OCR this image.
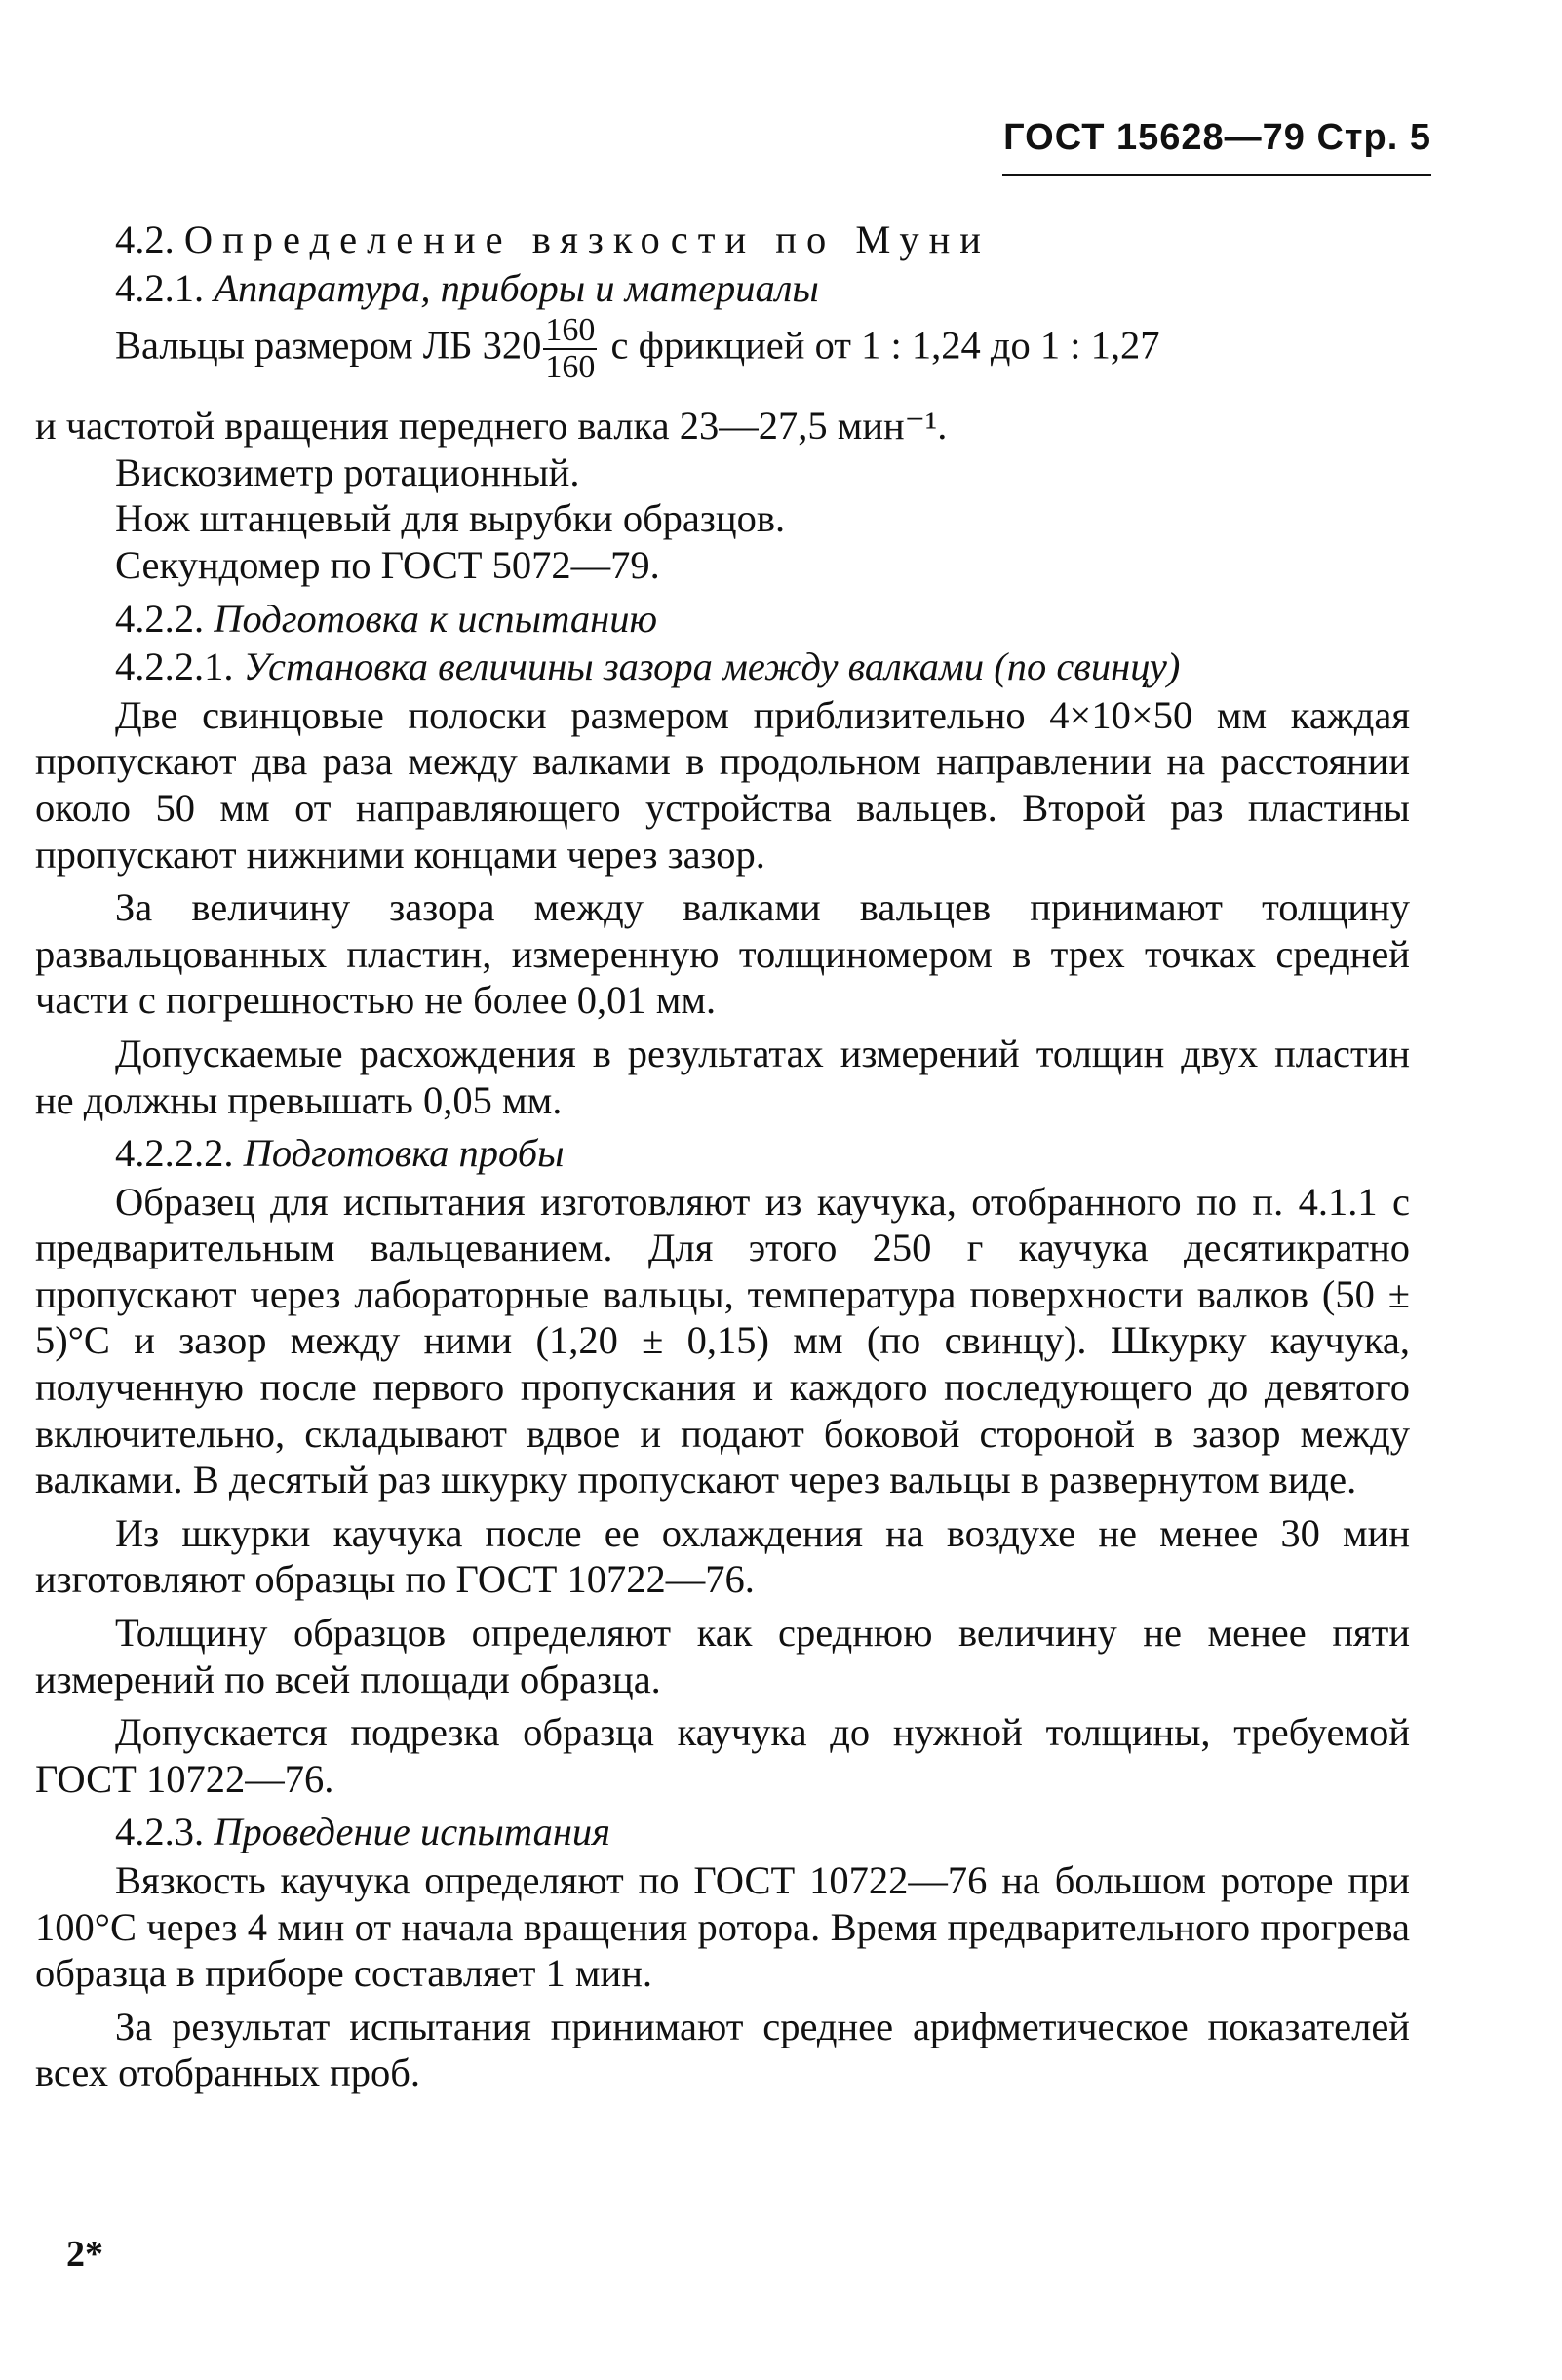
ГОСТ 15628—79 Стр. 5

4.2. Определение вязкости по Муни

4.2.1. Аппаратура, приборы и материалы

Вальцы размером ЛБ $320 \frac{160}{160}$ с фрикцией от 1 : 1,24 до 1 : 1,27

и частотой вращения переднего валка 23—27,5 мин⁻¹.

Вискозиметр ротационный.

Нож штанцевый для вырубки образцов.

Секундомер по ГОСТ 5072—79.

4.2.2. Подготовка к испытанию

4.2.2.1. Установка величины зазора между валками (по свинцу)

Две свинцовые полоски размером приблизительно 4×10×50 мм каждая пропускают два раза между валками в продольном направлении на расстоянии около 50 мм от направляющего устройства вальцев. Второй раз пластины пропускают нижними концами через зазор.

За величину зазора между валками вальцев принимают толщину развальцованных пластин, измеренную толщиномером в трех точках средней части с погрешностью не более 0,01 мм.

Допускаемые расхождения в результатах измерений толщин двух пластин не должны превышать 0,05 мм.

4.2.2.2. Подготовка пробы

Образец для испытания изготовляют из каучука, отобранного по п. 4.1.1 с предварительным вальцеванием. Для этого 250 г каучука десятикратно пропускают через лабораторные вальцы, температура поверхности валков (50 ± 5)°С и зазор между ними (1,20 ± 0,15) мм (по свинцу). Шкурку каучука, полученную после первого пропускания и каждого последующего до девятого включительно, складывают вдвое и подают боковой стороной в зазор между валками. В десятый раз шкурку пропускают через вальцы в развернутом виде.

Из шкурки каучука после ее охлаждения на воздухе не менее 30 мин изготовляют образцы по ГОСТ 10722—76.

Толщину образцов определяют как среднюю величину не менее пяти измерений по всей площади образца.

Допускается подрезка образца каучука до нужной толщины, требуемой ГОСТ 10722—76.

4.2.3. Проведение испытания

Вязкость каучука определяют по ГОСТ 10722—76 на большом роторе при 100°С через 4 мин от начала вращения ротора. Время предварительного прогрева образца в приборе составляет 1 мин.

За результат испытания принимают среднее арифметическое показателей всех отобранных проб.

2*
